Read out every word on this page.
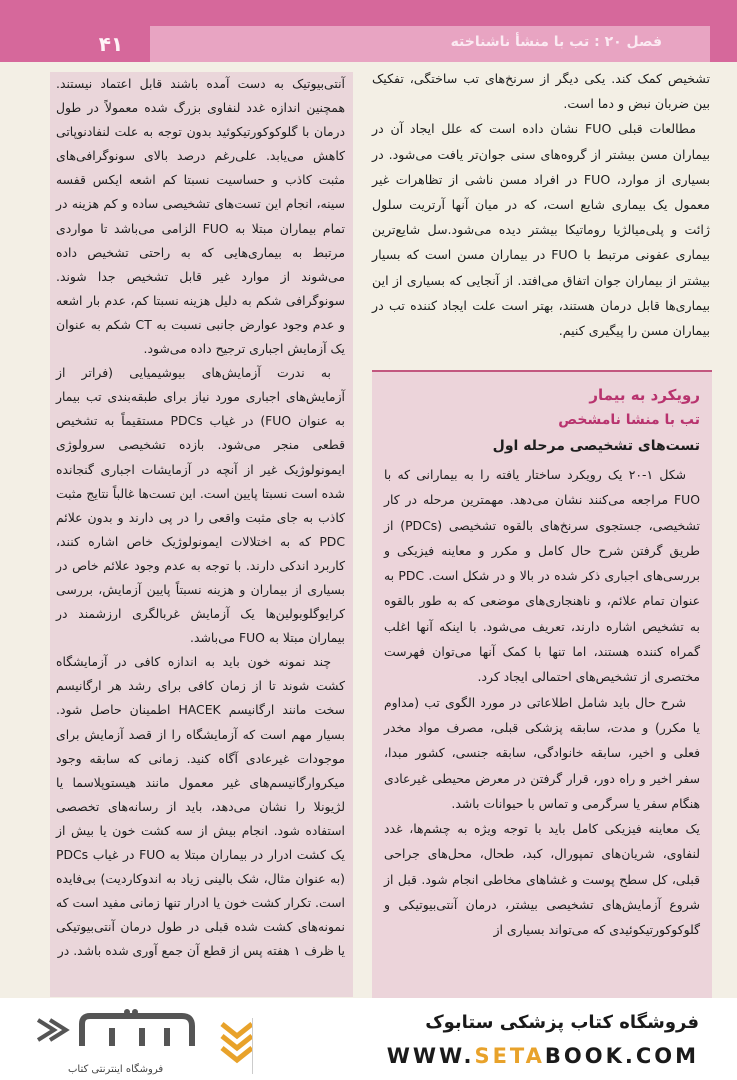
۴۱	فصل ۲۰ : تب با منشأ ناشناخته

تشخیص کمک کند. یکی دیگر از سرنخ‌های تب ساختگی، تفکیک بین ضربان نبض و دما است.

مطالعات قبلی FUO نشان داده است که علل ایجاد آن در بیماران مسن بیشتر از گروه‌های سنی جوان‌تر یافت می‌شود. در بسیاری از موارد، FUO در افراد مسن ناشی از تظاهرات غیر معمول یک بیماری شایع است، که در میان آنها آرتریت سلول ژائت و پلی‌میالژیا روماتیکا بیشتر دیده می‌شود.سل شایع‌ترین بیماری عفونی مرتبط با FUO در بیماران مسن است که بسیار بیشتر از بیماران جوان اتفاق می‌افتد. از آنجایی که بسیاری از این بیماری‌ها قابل درمان هستند، بهتر است علت ایجاد کننده تب در بیماران مسن را پیگیری کنیم.

رویکرد به بیمار
تب با منشا نامشخص
تست‌های تشخیصی مرحله اول

شکل ۱-۲۰ یک رویکرد ساختار یافته را به بیمارانی که با FUO مراجعه می‌کنند نشان می‌دهد. مهمترین مرحله در کار تشخیصی، جستجوی سرنخ‌های بالقوه تشخیصی (PDCs) از طریق گرفتن شرح حال کامل و مکرر و معاینه فیزیکی و بررسی‌های اجباری ذکر شده در بالا و در شکل است. PDC به عنوان تمام علائم، و ناهنجاری‌های موضعی که به طور بالقوه به تشخیص اشاره دارند، تعریف می‌شود. با اینکه آنها اغلب گمراه کننده هستند، اما تنها با کمک آنها می‌توان فهرست مختصری از تشخیص‌های احتمالی ایجاد کرد.

شرح حال باید شامل اطلاعاتی در مورد الگوی تب (مداوم یا مکرر) و مدت، سابقه پزشکی قبلی، مصرف مواد مخدر فعلی و اخیر، سابقه خانوادگی، سابقه جنسی، کشور مبدا، سفر اخیر و راه دور، قرار گرفتن در معرض محیطی غیرعادی هنگام سفر یا سرگرمی و تماس با حیوانات باشد.

یک معاینه فیزیکی کامل باید با توجه ویژه به چشم‌ها، غدد لنفاوی، شریان‌های تمپورال، کبد، طحال، محل‌های جراحی قبلی، کل سطح پوست و غشاهای مخاطی انجام شود. قبل از شروع آزمایش‌های تشخیصی بیشتر، درمان آنتی‌بیوتیکی و گلوکوکورتیکوئیدی که می‌تواند بسیاری از

آنتی‌بیوتیک به دست آمده باشند قابل اعتماد نیستند. همچنین اندازه غدد لنفاوی بزرگ شده معمولاً در طول درمان با گلوکوکورتیکوئید بدون توجه به علت لنفادنوپاتی کاهش می‌یابد. علی‌رغم درصد بالای سونوگرافی‌های مثبت کاذب و حساسیت نسبتا کم اشعه ایکس قفسه سینه، انجام این تست‌های تشخیصی ساده و کم هزینه در تمام بیماران مبتلا به FUO الزامی می‌باشد تا مواردی مرتبط به بیماری‌هایی که به راحتی تشخیص داده می‌شوند از موارد غیر قابل تشخیص جدا شوند. سونوگرافی شکم به دلیل هزینه نسبتا کم، عدم بار اشعه و عدم وجود عوارض جانبی نسبت به CT شکم به عنوان یک آزمایش اجباری ترجیح داده می‌شود.

به ندرت آزمایش‌های بیوشیمیایی (فراتر از آزمایش‌های اجباری مورد نیاز برای طبقه‌بندی تب بیمار به عنوان FUO) در غیاب PDCs مستقیماً به تشخیص قطعی منجر می‌شود. بازده تشخیصی سرولوژی ایمونولوژیک غیر از آنچه در آزمایشات اجباری گنجانده شده است نسبتا پایین است. این تست‌ها غالباً نتایج مثبت کاذب به جای مثبت واقعی را در پی دارند و بدون علائم PDC که به اختلالات ایمونولوژیک خاص اشاره کنند، کاربرد اندکی دارند. با توجه به عدم وجود علائم خاص در بسیاری از بیماران و هزینه نسبتاً پایین آزمایش، بررسی کرایوگلوبولین‌ها یک آزمایش غربالگری ارزشمند در بیماران مبتلا به FUO می‌باشد.

چند نمونه خون باید به اندازه کافی در آزمایشگاه کشت شوند تا از زمان کافی برای رشد هر ارگانیسم سخت مانند ارگانیسم HACEK اطمینان حاصل شود. بسیار مهم است که آزمایشگاه را از قصد آزمایش برای موجودات غیرعادی آگاه کنید. زمانی که سابقه وجود میکروارگانیسم‌های غیر معمول مانند هیستوپلاسما یا لژیونلا را نشان می‌دهد، باید از رسانه‌های تخصصی استفاده شود. انجام بیش از سه کشت خون یا بیش از یک کشت ادرار در بیماران مبتلا به FUO در غیاب PDCs (به عنوان مثال، شک بالینی زیاد به اندوکاردیت) بی‌فایده است. تکرار کشت خون یا ادرار تنها زمانی مفید است که نمونه‌های کشت شده قبلی در طول درمان آنتی‌بیوتیکی یا ظرف ۱ هفته پس از قطع آن جمع آوری شده باشد. در

فروشگاه اینترنتی کتاب
فروشگاه کتاب پزشکی ستابوک
WWW.SETABOOK.COM
